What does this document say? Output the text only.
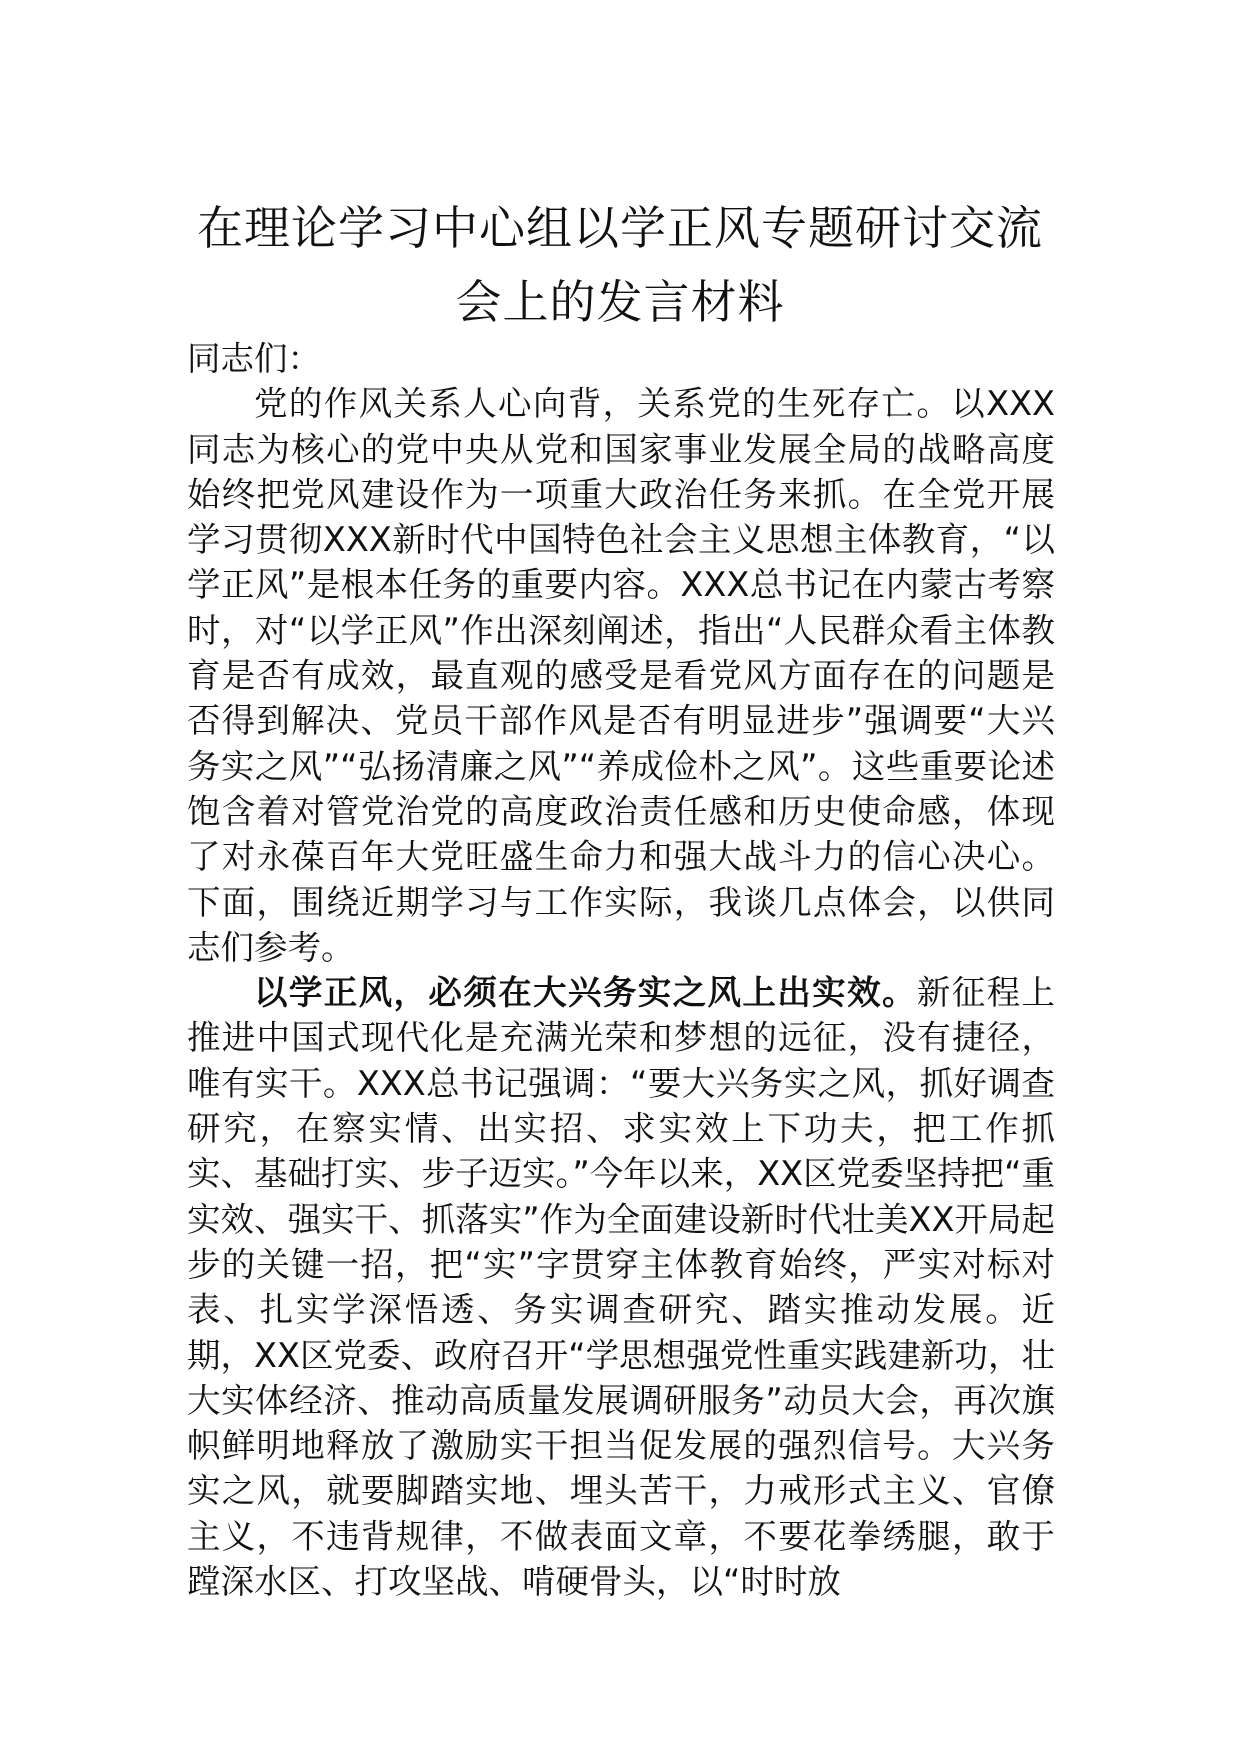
在理论学习中心组以学正风专题研讨交流
会上的发言材料

同志们：

党的作风关系人心向背，关系党的生死存亡。以XXX同志为核心的党中央从党和国家事业发展全局的战略高度始终把党风建设作为一项重大政治任务来抓。在全党开展学习贯彻XXX新时代中国特色社会主义思想主体教育，“以学正风”是根本任务的重要内容。XXX总书记在内蒙古考察时，对“以学正风”作出深刻阐述，指出“人民群众看主体教育是否有成效，最直观的感受是看党风方面存在的问题是否得到解决、党员干部作风是否有明显进步”强调要“大兴务实之风”“弘扬清廉之风”“养成俭朴之风”。这些重要论述饱含着对管党治党的高度政治责任感和历史使命感，体现了对永葆百年大党旺盛生命力和强大战斗力的信心决心。下面，围绕近期学习与工作实际，我谈几点体会，以供同志们参考。

以学正风，必须在大兴务实之风上出实效。新征程上推进中国式现代化是充满光荣和梦想的远征，没有捷径，唯有实干。XXX总书记强调：“要大兴务实之风，抓好调查研究，在察实情、出实招、求实效上下功夫，把工作抓实、基础打实、步子迈实。”今年以来，XX区党委坚持把“重实效、强实干、抓落实”作为全面建设新时代壮美XX开局起步的关键一招，把“实”字贯穿主体教育始终，严实对标对表、扎实学深悟透、务实调查研究、踏实推动发展。近期，XX区党委、政府召开“学思想强党性重实践建新功，壮大实体经济、推动高质量发展调研服务”动员大会，再次旗帜鲜明地释放了激励实干担当促发展的强烈信号。大兴务实之风，就要脚踏实地、埋头苦干，力戒形式主义、官僚主义，不违背规律，不做表面文章，不要花拳绣腿，敢于蹚深水区、打攻坚战、啃硬骨头，以“时时放
